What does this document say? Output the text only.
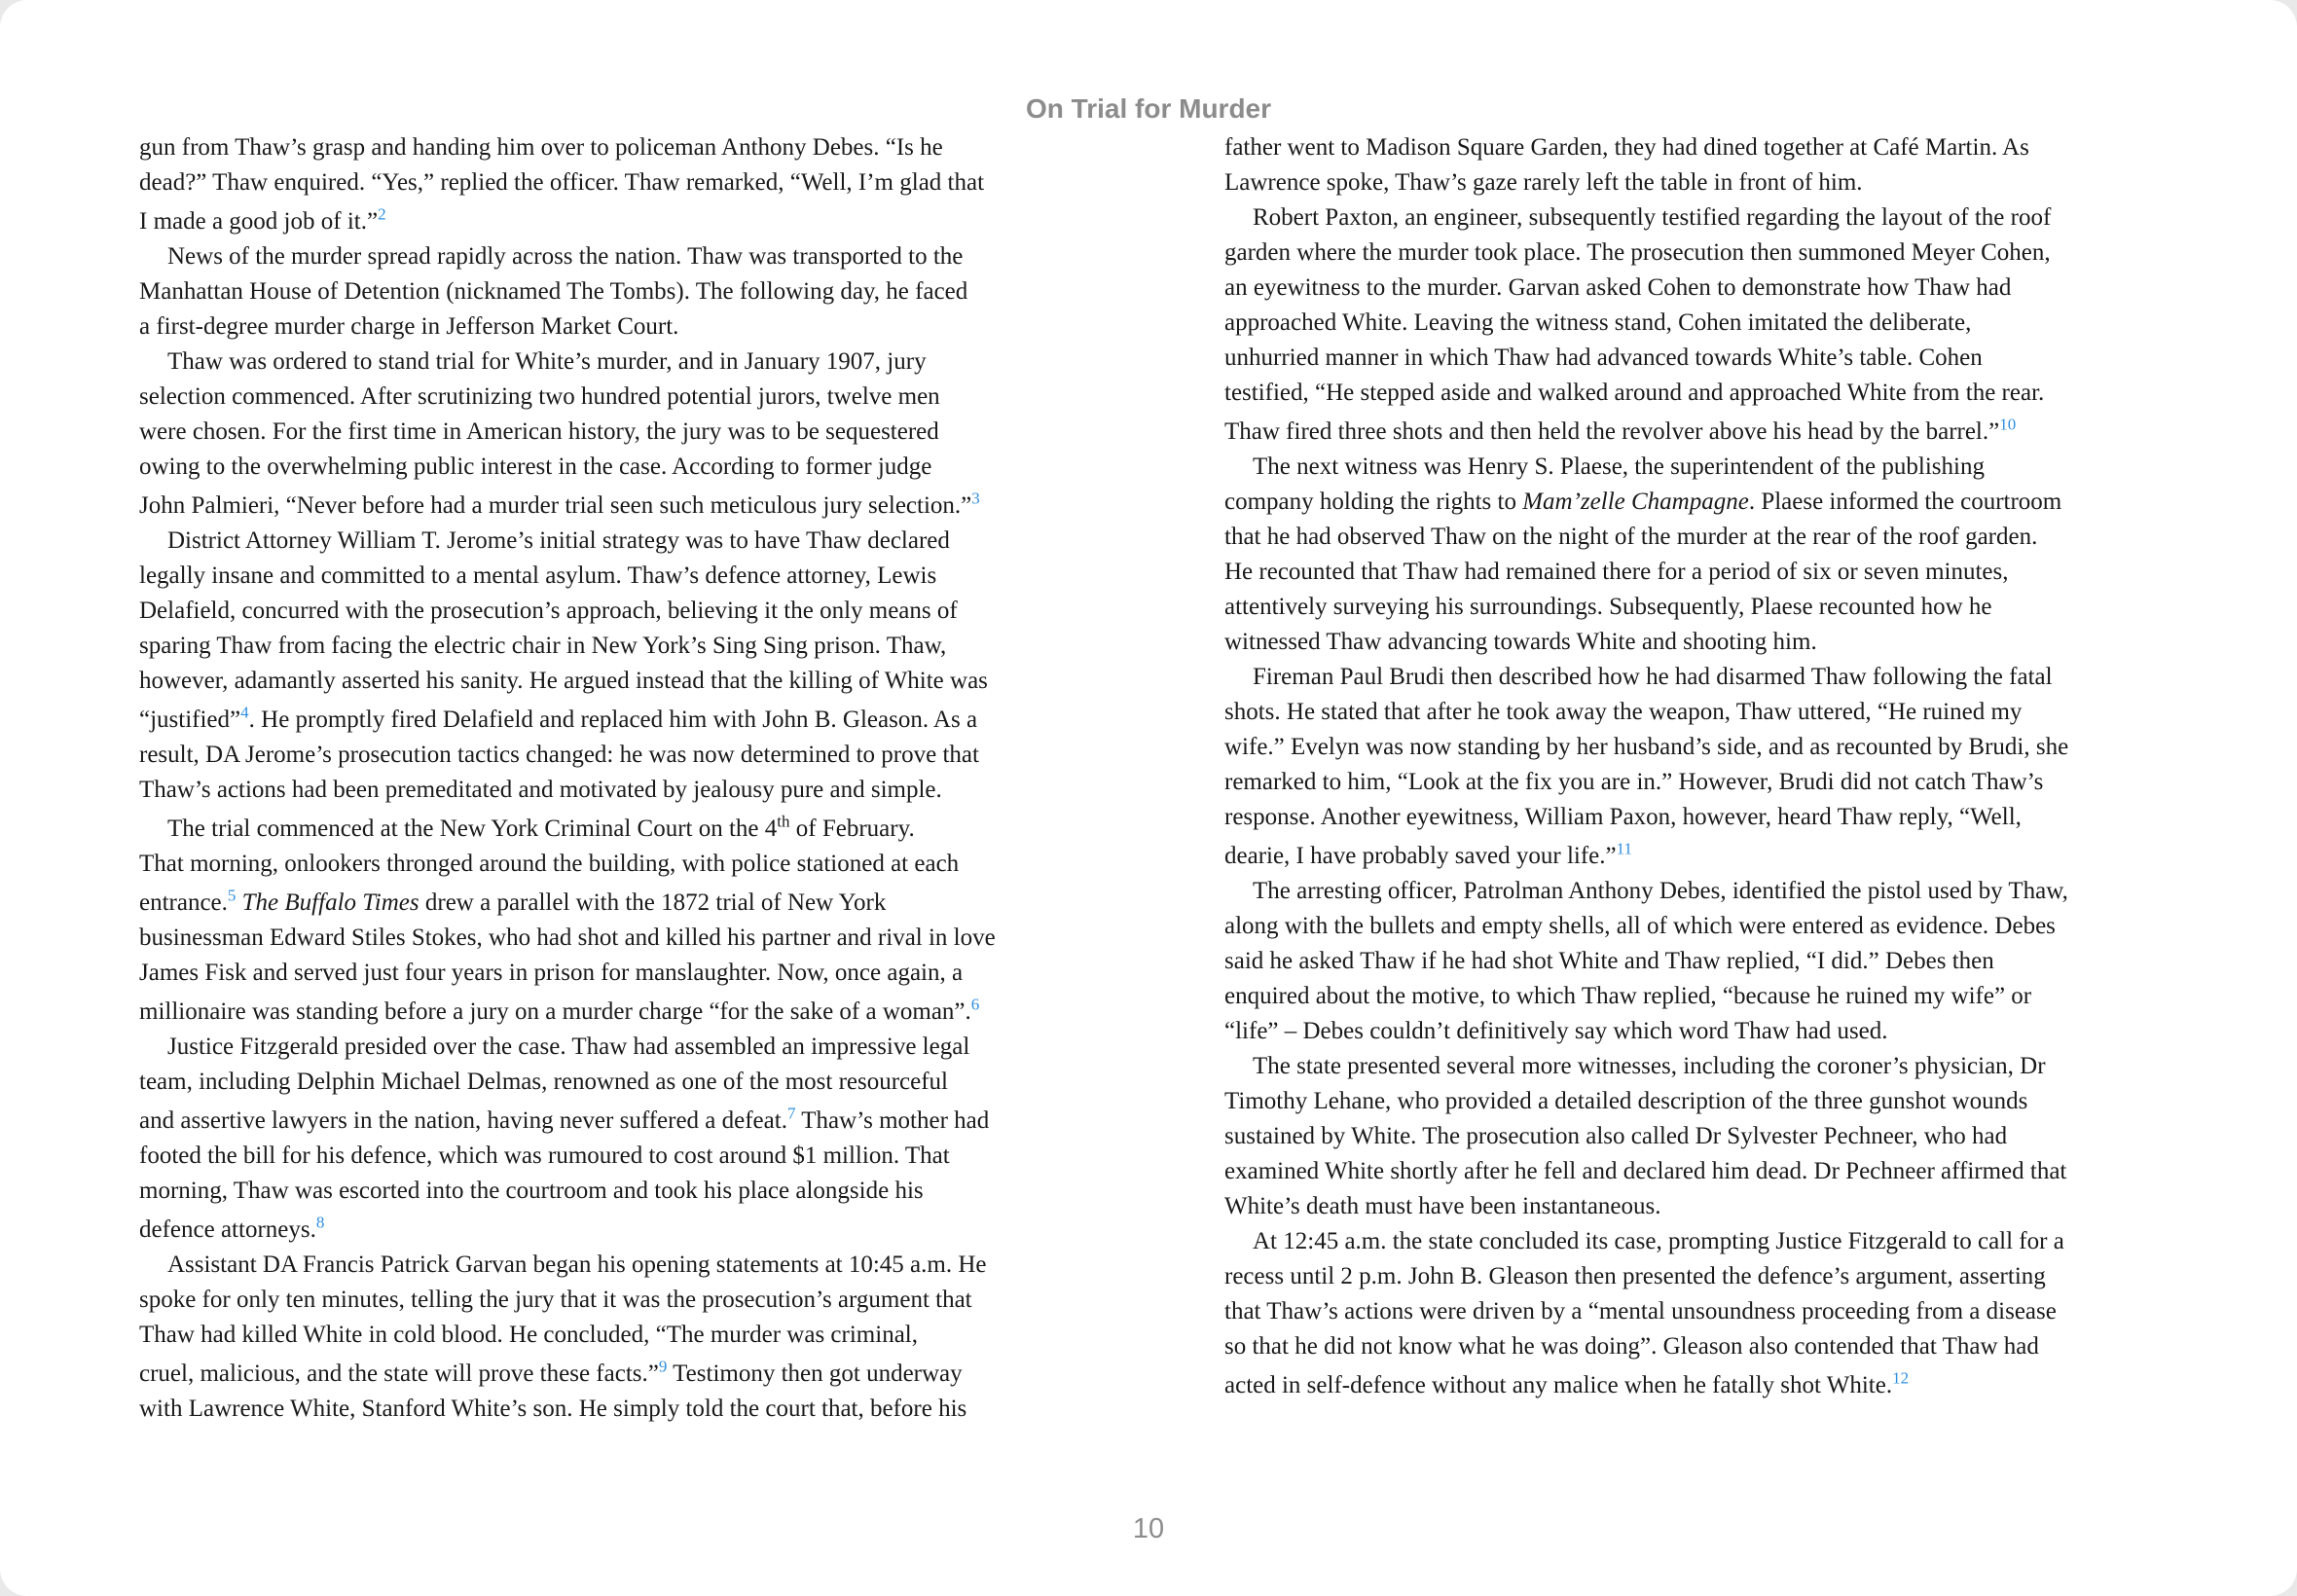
On Trial for Murder
gun from Thaw’s grasp and handing him over to policeman Anthony Debes. “Is he
dead?” Thaw enquired. “Yes,” replied the officer. Thaw remarked, “Well, I’m glad that
I made a good job of it.”$^2$
News of the murder spread rapidly across the nation. Thaw was transported to the
Manhattan House of Detention (nicknamed The Tombs). The following day, he faced
a first-degree murder charge in Jefferson Market Court.
Thaw was ordered to stand trial for White’s murder, and in January 1907, jury
selection commenced. After scrutinizing two hundred potential jurors, twelve men
were chosen. For the first time in American history, the jury was to be sequestered
owing to the overwhelming public interest in the case. According to former judge
John Palmieri, “Never before had a murder trial seen such meticulous jury selection.”$^3$
District Attorney William T. Jerome’s initial strategy was to have Thaw declared
legally insane and committed to a mental asylum. Thaw’s defence attorney, Lewis
Delafield, concurred with the prosecution’s approach, believing it the only means of
sparing Thaw from facing the electric chair in New York’s Sing Sing prison. Thaw,
however, adamantly asserted his sanity. He argued instead that the killing of White was
“justified”$^4$. He promptly fired Delafield and replaced him with John B. Gleason. As a
result, DA Jerome’s prosecution tactics changed: he was now determined to prove that
Thaw’s actions had been premeditated and motivated by jealousy pure and simple.
The trial commenced at the New York Criminal Court on the 4th of February.
That morning, onlookers thronged around the building, with police stationed at each
entrance.$^5$ The Buffalo Times drew a parallel with the 1872 trial of New York
businessman Edward Stiles Stokes, who had shot and killed his partner and rival in love
James Fisk and served just four years in prison for manslaughter. Now, once again, a
millionaire was standing before a jury on a murder charge “for the sake of a woman”.$^6$
Justice Fitzgerald presided over the case. Thaw had assembled an impressive legal
team, including Delphin Michael Delmas, renowned as one of the most resourceful
and assertive lawyers in the nation, having never suffered a defeat.$^7$ Thaw’s mother had
footed the bill for his defence, which was rumoured to cost around $1 million. That
morning, Thaw was escorted into the courtroom and took his place alongside his
defence attorneys.$^8$
Assistant DA Francis Patrick Garvan began his opening statements at 10:45 a.m. He
spoke for only ten minutes, telling the jury that it was the prosecution’s argument that
Thaw had killed White in cold blood. He concluded, “The murder was criminal,
cruel, malicious, and the state will prove these facts.”$^9$ Testimony then got underway
with Lawrence White, Stanford White’s son. He simply told the court that, before his
father went to Madison Square Garden, they had dined together at Café Martin. As
Lawrence spoke, Thaw’s gaze rarely left the table in front of him.
Robert Paxton, an engineer, subsequently testified regarding the layout of the roof
garden where the murder took place. The prosecution then summoned Meyer Cohen,
an eyewitness to the murder. Garvan asked Cohen to demonstrate how Thaw had
approached White. Leaving the witness stand, Cohen imitated the deliberate,
unhurried manner in which Thaw had advanced towards White’s table. Cohen
testified, “He stepped aside and walked around and approached White from the rear.
Thaw fired three shots and then held the revolver above his head by the barrel.”$^{10}$
The next witness was Henry S. Plaese, the superintendent of the publishing
company holding the rights to Mam’zelle Champagne. Plaese informed the courtroom
that he had observed Thaw on the night of the murder at the rear of the roof garden.
He recounted that Thaw had remained there for a period of six or seven minutes,
attentively surveying his surroundings. Subsequently, Plaese recounted how he
witnessed Thaw advancing towards White and shooting him.
Fireman Paul Brudi then described how he had disarmed Thaw following the fatal
shots. He stated that after he took away the weapon, Thaw uttered, “He ruined my
wife.” Evelyn was now standing by her husband’s side, and as recounted by Brudi, she
remarked to him, “Look at the fix you are in.” However, Brudi did not catch Thaw’s
response. Another eyewitness, William Paxon, however, heard Thaw reply, “Well,
dearie, I have probably saved your life.”$^{11}$
The arresting officer, Patrolman Anthony Debes, identified the pistol used by Thaw,
along with the bullets and empty shells, all of which were entered as evidence. Debes
said he asked Thaw if he had shot White and Thaw replied, “I did.” Debes then
enquired about the motive, to which Thaw replied, “because he ruined my wife” or
“life” – Debes couldn’t definitively say which word Thaw had used.
The state presented several more witnesses, including the coroner’s physician, Dr
Timothy Lehane, who provided a detailed description of the three gunshot wounds
sustained by White. The prosecution also called Dr Sylvester Pechneer, who had
examined White shortly after he fell and declared him dead. Dr Pechneer affirmed that
White’s death must have been instantaneous.
At 12:45 a.m. the state concluded its case, prompting Justice Fitzgerald to call for a
recess until 2 p.m. John B. Gleason then presented the defence’s argument, asserting
that Thaw’s actions were driven by a “mental unsoundness proceeding from a disease
so that he did not know what he was doing”. Gleason also contended that Thaw had
acted in self-defence without any malice when he fatally shot White.$^{12}$
10
